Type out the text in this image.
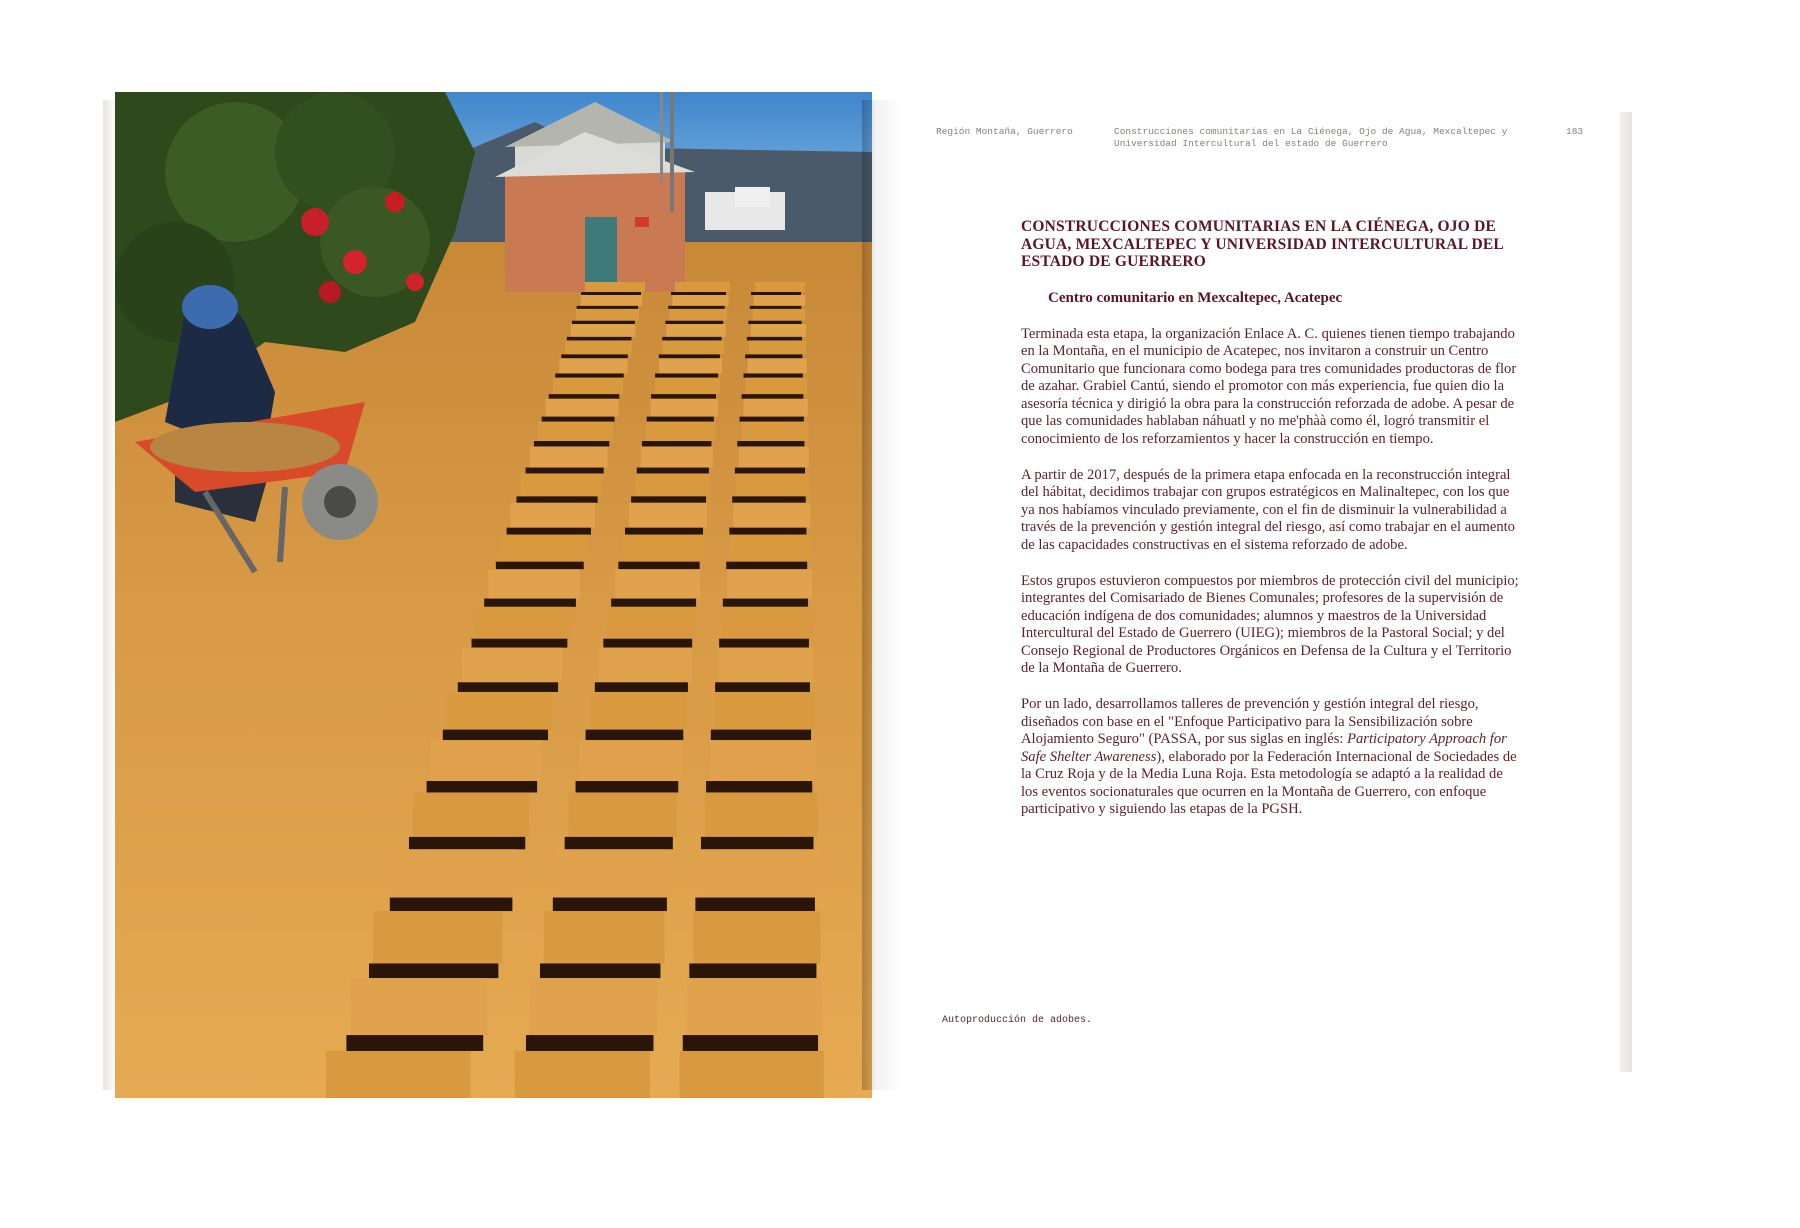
Región Montaña, Guerrero	Construcciones comunitarias en La Ciénega, Ojo de Agua, Mexcaltepec y Universidad Intercultural del estado de Guerrero
183
CONSTRUCCIONES COMUNITARIAS EN LA CIÉNEGA, OJO DE AGUA, MEXCALTEPEC Y UNIVERSIDAD INTERCULTURAL DEL ESTADO DE GUERRERO
Centro comunitario en Mexcaltepec, Acatepec

Terminada esta etapa, la organización Enlace A. C. quienes tienen tiempo trabajando en la Montaña, en el municipio de Acatepec, nos invitaron a construir un Centro Comunitario que funcionara como bodega para tres comunidades productoras de flor de azahar. Grabiel Cantú, siendo el promotor con más experiencia, fue quien dio la asesoría técnica y dirigió la obra para la construcción reforzada de adobe. A pesar de que las comunidades hablaban náhuatl y no me'phàà como él, logró transmitir el conocimiento de los reforzamientos y hacer la construcción en tiempo.

A partir de 2017, después de la primera etapa enfocada en la reconstrucción integral del hábitat, decidimos trabajar con grupos estratégicos en Malinaltepec, con los que ya nos habíamos vinculado previamente, con el fin de disminuir la vulnerabilidad a través de la prevención y gestión integral del riesgo, así como trabajar en el aumento de las capacidades constructivas en el sistema reforzado de adobe.

Estos grupos estuvieron compuestos por miembros de protección civil del municipio; integrantes del Comisariado de Bienes Comunales; profesores de la supervisión de educación indígena de dos comunidades; alumnos y maestros de la Universidad Intercultural del Estado de Guerrero (UIEG); miembros de la Pastoral Social; y del Consejo Regional de Productores Orgánicos en Defensa de la Cultura y el Territorio de la Montaña de Guerrero.

Por un lado, desarrollamos talleres de prevención y gestión integral del riesgo, diseñados con base en el "Enfoque Participativo para la Sensibilización sobre Alojamiento Seguro" (PASSA, por sus siglas en inglés: Participatory Approach for Safe Shelter Awareness), elaborado por la Federación Internacional de Sociedades de la Cruz Roja y de la Media Luna Roja. Esta metodología se adaptó a la realidad de los eventos socionaturales que ocurren en la Montaña de Guerrero, con enfoque participativo y siguiendo las etapas de la PGSH.

Autoproducción de adobes.
